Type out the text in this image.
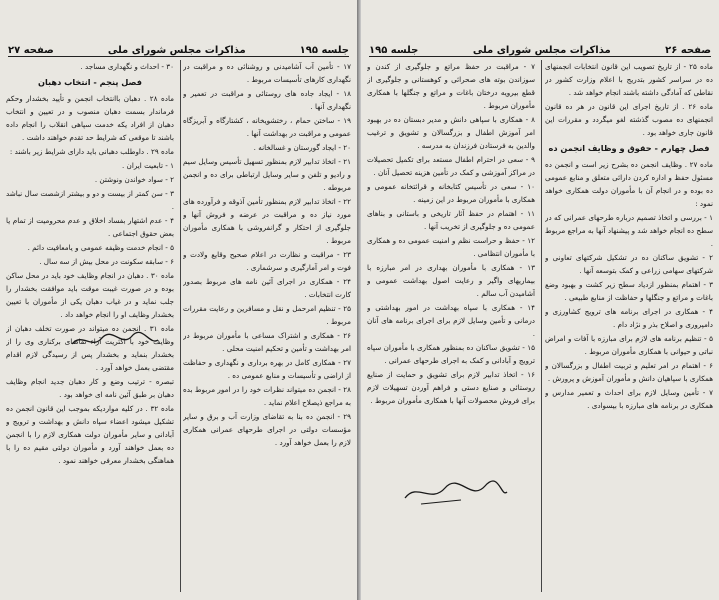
جلسه ۱۹۵
مذاکرات مجلس شورای ملی
صفحه ۲۷

۱۷ - تأمین آب آشامیدنی و روشنائی ده و مراقبت در نگهداری کارهای تأسیسات مربوط .

۱۸ - ایجاد جاده های روستائی و مراقبت در تعمیر و نگهداری آنها .

۱۹ - ساختن حمام ، رختشویخانه ، کشتارگاه و آبریزگاه عمومی و مراقبت در بهداشت آنها .

۲۰ - ایجاد گورستان و غسالخانه .

۲۱ - اتخاذ تدابیر لازم بمنظور تسهیل تأسیس وسایل سیم و رادیو و تلفن و سایر وسایل ارتباطی برای ده و انجمن مربوطه .

۲۲ - اتخاذ تدابیر لازم بمنظور تأمین آذوقه و فرآورده های مورد نیاز ده و مراقبت در عرضه و فروش آنها و جلوگیری از احتکار و گرانفروشی با همکاری مأموران مربوط .

۲۳ - مراقبت و نظارت در اعلام صحیح وقایع ولادت و فوت و امر آمارگیری و سرشماری .

۲۴ - همکاری در اجرای آئین نامه های مربوط بصدور کارت انتخابات .

۲۵ - تنظیم امرحمل و نقل و مسافرین و رعایت مقررات مربوط .

۲۶ - همکاری و اشتراک مساعی با مأموران مربوط در امر بهداشت و تأمین و تحکیم امنیت محلی .

۲۷ - همکاری کامل در بهره برداری و نگهداری و حفاظت از اراضی و تأسیسات و منابع عمومی ده .

۲۸ - انجمن ده میتواند نظرات خود را در امور مربوط بده به مراجع ذیصلاح اعلام نماید .

۲۹ - انجمن ده بنا به تقاضای وزارت آب و برق و سایر مؤسسات دولتی در اجرای طرحهای عمرانی همکاری لازم را بعمل خواهد آورد .

۳۰ - احداث و نگهداری مساجد .

فصل پنجم - انتخاب دهبان

ماده ۲۸ . دهبان باانتخاب انجمن و تأیید بخشدار وحکم فرماندار بسمت دهبان منصوب و در تعیین و انتخاب دهبان از افراد یکه خدمت سپاهی انقلاب را انجام داده باشند تا موقعی که شرایط حد تقدم خواهند داشت .

ماده ۲۹ . داوطلب دهبانی باید دارای شرایط زیر باشند :

۱ - تابعیت ایران .

۲ - سواد خواندن ونوشتن .

۳ - سن کمتر از بیست و دو و بیشتر ازشصت سال نباشد .

۴ - عدم اشتهار بفساد اخلاق و عدم محرومیت از تمام یا بعض حقوق اجتماعی .

۵ - انجام خدمت وظیفه عمومی و یامعافیت دائم .

۶ - سابقه سکونت در محل بیش از سه سال .

ماده ۳۰ . دهبان در انجام وظایف خود باید در محل ساکن بوده و در صورت غیبت موقت باید موافقت بخشدار را جلب نماید و در غیاب دهبان یکی از مأموران با تعیین بخشدار وظایف او را انجام خواهد داد .

ماده ۳۱ . انجمن ده میتواند در صورت تخلف دهبان از وظایف خود با اکثریت آراء تقاضای برکناری وی را از بخشدار بنماید و بخشدار پس از رسیدگی لازم اقدام مقتضی بعمل خواهد آورد .

تبصره - ترتیب وضع و کار دهبان جدید انجام وظایف دهبان بر طبق آئین نامه ای خواهد بود .

ماده ۳۲ . در کلیه مواردیکه بموجب این قانون انجمن ده تشکیل میشود اعضاء سپاه دانش و بهداشت و ترویج و آبادانی و سایر مأموران دولت همکاری لازم را با انجمن ده بعمل خواهند آورد و مأموران دولتی مقیم ده را با هماهنگی بخشدار معرفی خواهند نمود .

صفحه ۲۶
مذاکرات مجلس شورای ملی
جلسه ۱۹۵

ماده ۲۵ - از تاریخ تصویب این قانون انتخابات انجمنهای ده در سراسر کشور بتدریج با اعلام وزارت کشور در نقاطی که آمادگی داشته باشند انجام خواهد شد .

ماده ۲۶ . از تاریخ اجرای این قانون در هر ده قانون انجمنهای ده مصوب گذشته لغو میگردد و مقررات این قانون جاری خواهد بود .

فصل چهارم - حقوق و وظایف انجمن ده

ماده ۲۷ . وظایف انجمن ده بشرح زیر است و انجمن ده مسئول حفظ و اداره کردن دارائی متعلق و منابع عمومی ده بوده و در انجام آن با مأموران دولت همکاری خواهد نمود :

۱ - بررسی و اتخاذ تصمیم درباره طرحهای عمرانی که در سطح ده انجام خواهد شد و پیشنهاد آنها به مراجع مربوط .

۲ - تشویق ساکنان ده در تشکیل شرکتهای تعاونی و شرکتهای سهامی زراعی و کمک بتوسعه آنها .

۳ - اهتمام بمنظور ازدیاد سطح زیر کشت و بهبود وضع باغات و مراتع و جنگلها و حفاظت از منابع طبیعی .

۴ - همکاری در اجرای برنامه های ترویج کشاورزی و دامپروری و اصلاح بذر و نژاد دام .

۵ - تنظیم برنامه های لازم برای مبارزه با آفات و امراض نباتی و حیوانی با همکاری مأموران مربوط .

۶ - اهتمام در امر تعلیم و تربیت اطفال و بزرگسالان و همکاری با سپاهیان دانش و مأموران آموزش و پرورش .

۷ - تأمین وسایل لازم برای احداث و تعمیر مدارس و همکاری در برنامه های مبارزه با بیسوادی .

۷ - مراقبت در حفظ مراتع و جلوگیری از کندن و سوزاندن بوته های صحرائی و کوهستانی و جلوگیری از قطع بیرویه درختان باغات و مراتع و جنگلها با همکاری مأموران مربوط .

۸ - همکاری با سپاهی دانش و مدیر دبستان ده در بهبود امر آموزش اطفال و بزرگسالان و تشویق و ترغیب والدین به فرستادن فرزندان به مدرسه .

۹ - سعی در احترام اطفال مستعد برای تکمیل تحصیلات در مراکز آموزشی و کمک در تأمین هزینه تحصیل آنان .

۱۰ - سعی در تأسیس کتابخانه و قرائتخانه عمومی و همکاری با مأموران مربوط در این زمینه .

۱۱ - اهتمام در حفظ آثار تاریخی و باستانی و بناهای عمومی ده و جلوگیری از تخریب آنها .

۱۲ - حفظ و حراست نظم و امنیت عمومی ده و همکاری با مأموران انتظامی .

۱۳ - همکاری با مأموران بهداری در امر مبارزه با بیماریهای واگیر و رعایت اصول بهداشت عمومی و آشامیدن آب سالم .

۱۴ - همکاری با سپاه بهداشت در امور بهداشتی و درمانی و تأمین وسایل لازم برای اجرای برنامه های آنان .

۱۵ - تشویق ساکنان ده بمنظور همکاری با مأموران سپاه ترویج و آبادانی و کمک به اجرای طرحهای عمرانی .

۱۶ - اتخاذ تدابیر لازم برای تشویق و حمایت از صنایع روستائی و صنایع دستی و فراهم آوردن تسهیلات لازم برای فروش محصولات آنها با همکاری مأموران مربوط .
